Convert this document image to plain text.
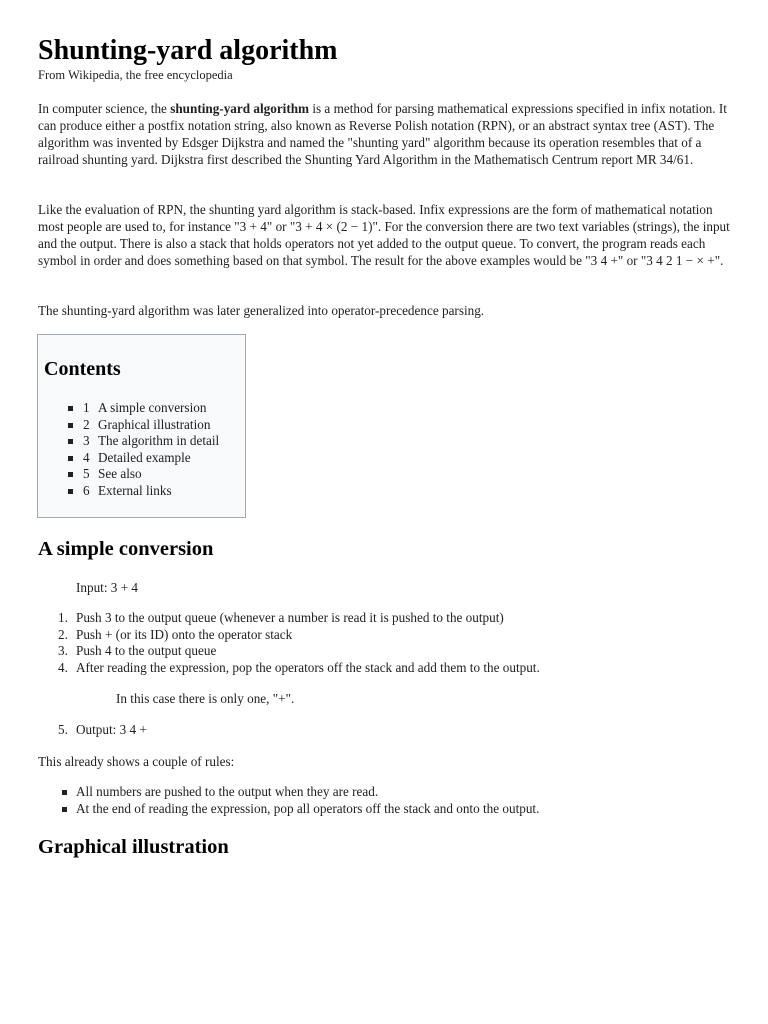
Shunting-yard algorithm

From Wikipedia, the free encyclopedia

In computer science, the shunting-yard algorithm is a method for parsing mathematical expressions specified in infix notation. It can produce either a postfix notation string, also known as Reverse Polish notation (RPN), or an abstract syntax tree (AST). The algorithm was invented by Edsger Dijkstra and named the "shunting yard" algorithm because its operation resembles that of a railroad shunting yard. Dijkstra first described the Shunting Yard Algorithm in the Mathematisch Centrum report MR 34/61.

Like the evaluation of RPN, the shunting yard algorithm is stack-based. Infix expressions are the form of mathematical notation most people are used to, for instance "3 + 4" or "3 + 4 × (2 − 1)". For the conversion there are two text variables (strings), the input and the output. There is also a stack that holds operators not yet added to the output queue. To convert, the program reads each symbol in order and does something based on that symbol. The result for the above examples would be "3 4 +" or "3 4 2 1 − × +".

The shunting-yard algorithm was later generalized into operator-precedence parsing.

Contents
1 A simple conversion
2 Graphical illustration
3 The algorithm in detail
4 Detailed example
5 See also
6 External links
A simple conversion

Input: 3 + 4

1. Push 3 to the output queue (whenever a number is read it is pushed to the output)
2. Push + (or its ID) onto the operator stack
3. Push 4 to the output queue
4. After reading the expression, pop the operators off the stack and add them to the output.

In this case there is only one, "+".

5. Output: 3 4 +

This already shows a couple of rules:

All numbers are pushed to the output when they are read.
At the end of reading the expression, pop all operators off the stack and onto the output.
Graphical illustration
